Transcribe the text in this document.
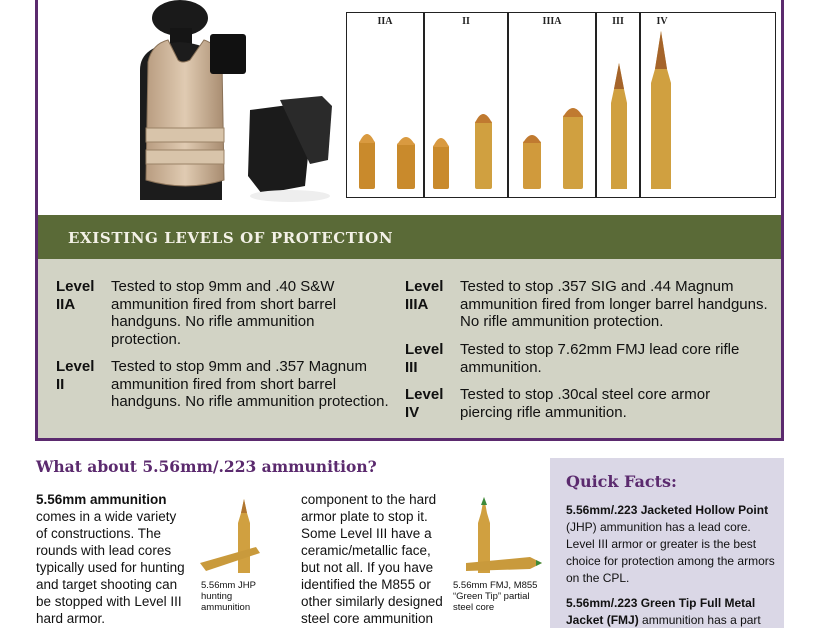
IIA	II	IIIA	III	IV
EXISTING LEVELS OF PROTECTION
Level IIA
Tested to stop 9mm and .40 S&W ammunition fired from short barrel handguns. No rifle ammunition protection.
Level II
Tested to stop 9mm and .357 Magnum ammunition fired from short barrel handguns. No rifle ammunition protection.
Level IIIA
Tested to stop .357 SIG and .44 Magnum ammunition fired from longer barrel handguns. No rifle ammunition protection.
Level III
Tested to stop 7.62mm FMJ lead core rifle ammunition.
Level IV
Tested to stop .30cal steel core armor piercing rifle ammunition.
What about 5.56mm/.223 ammunition?
5.56mm ammunition comes in a wide variety of constructions. The rounds with lead cores typically used for hunting and target shooting can be stopped with Level III hard armor.
5.56mm JHP hunting ammunition
component to the hard armor plate to stop it. Some Level III have a ceramic/metallic face, but not all. If you have identified the M855 or other similarly designed steel core ammunition
5.56mm FMJ, M855 “Green Tip” partial steel core
Quick Facts:

5.56mm/.223 Jacketed Hollow Point (JHP) ammunition has a lead core. Level III armor or greater is the best choice for protection among the armors on the CPL.

5.56mm/.223 Green Tip Full Metal Jacket (FMJ) ammunition has a part
